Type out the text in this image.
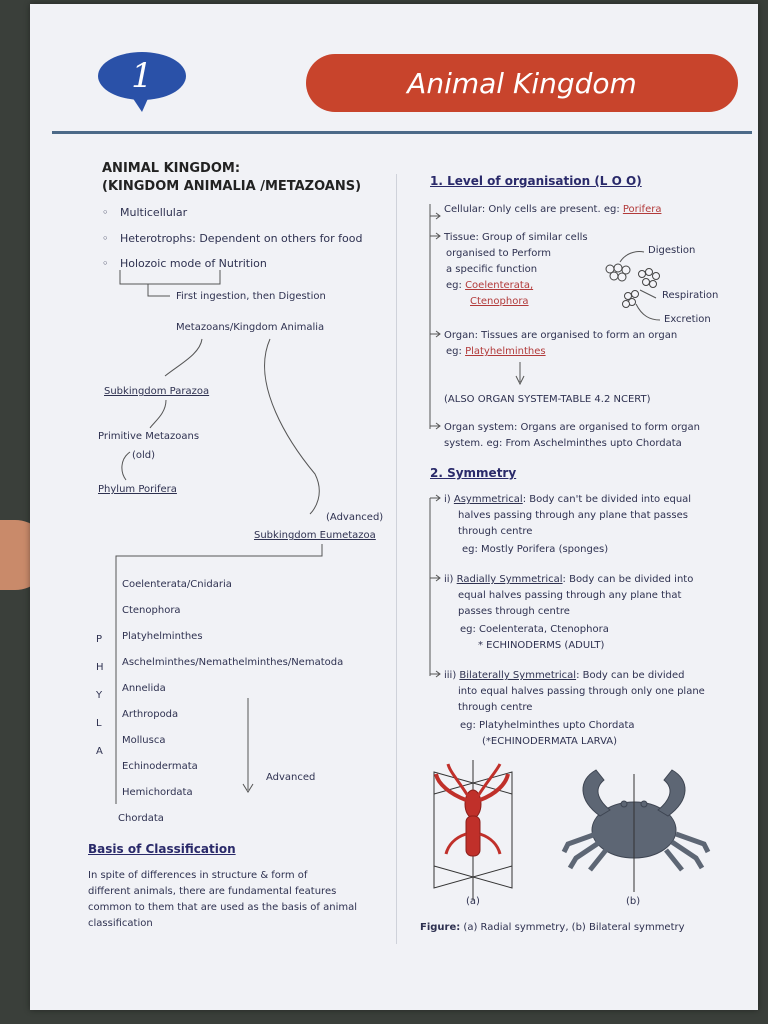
1	Animal Kingdom
ANIMAL KINGDOM:
(KINGDOM ANIMALIA /METAZOANS)
◦ Multicellular
◦ Heterotrophs: Dependent on others for food
◦ Holozoic mode of Nutrition
First ingestion, then Digestion
Metazoans/Kingdom Animalia
Subkingdom Parazoa
Primitive Metazoans
(old)
Phylum Porifera
(Advanced)
Subkingdom Eumetazoa
Coelenterata/Cnidaria
Ctenophora
Platyhelminthes
Aschelminthes/Nemathelminthes/Nematoda
Annelida
Arthropoda
Mollusca
Echinodermata
Hemichordata
Chordata
P
H
Y
L
A
Advanced
Basis of Classification
In spite of differences in structure & form of
different animals, there are fundamental features
common to them that are used as the basis of animal
classification
1. Level of organisation (L O O)
Cellular: Only cells are present. eg: Porifera
Tissue: Group of similar cells
organised to Perform
a specific function
eg: Coelenterata,
Ctenophora
Digestion
Respiration
Excretion
Organ: Tissues are organised to form an organ
eg: Platyhelminthes
(ALSO ORGAN SYSTEM-TABLE 4.2 NCERT)
Organ system: Organs are organised to form organ
system. eg: From Aschelminthes upto Chordata
2. Symmetry
i) Asymmetrical: Body can't be divided into equal
halves passing through any plane that passes
through centre
eg: Mostly Porifera (sponges)
ii) Radially Symmetrical: Body can be divided into
equal halves passing through any plane that
passes through centre
eg: Coelenterata, Ctenophora
* ECHINODERMS (ADULT)
iii) Bilaterally Symmetrical: Body can be divided
into equal halves passing through only one plane
through centre
eg: Platyhelminthes upto Chordata
(*ECHINODERMATA LARVA)
(a)	(b)
Figure: (a) Radial symmetry, (b) Bilateral symmetry
